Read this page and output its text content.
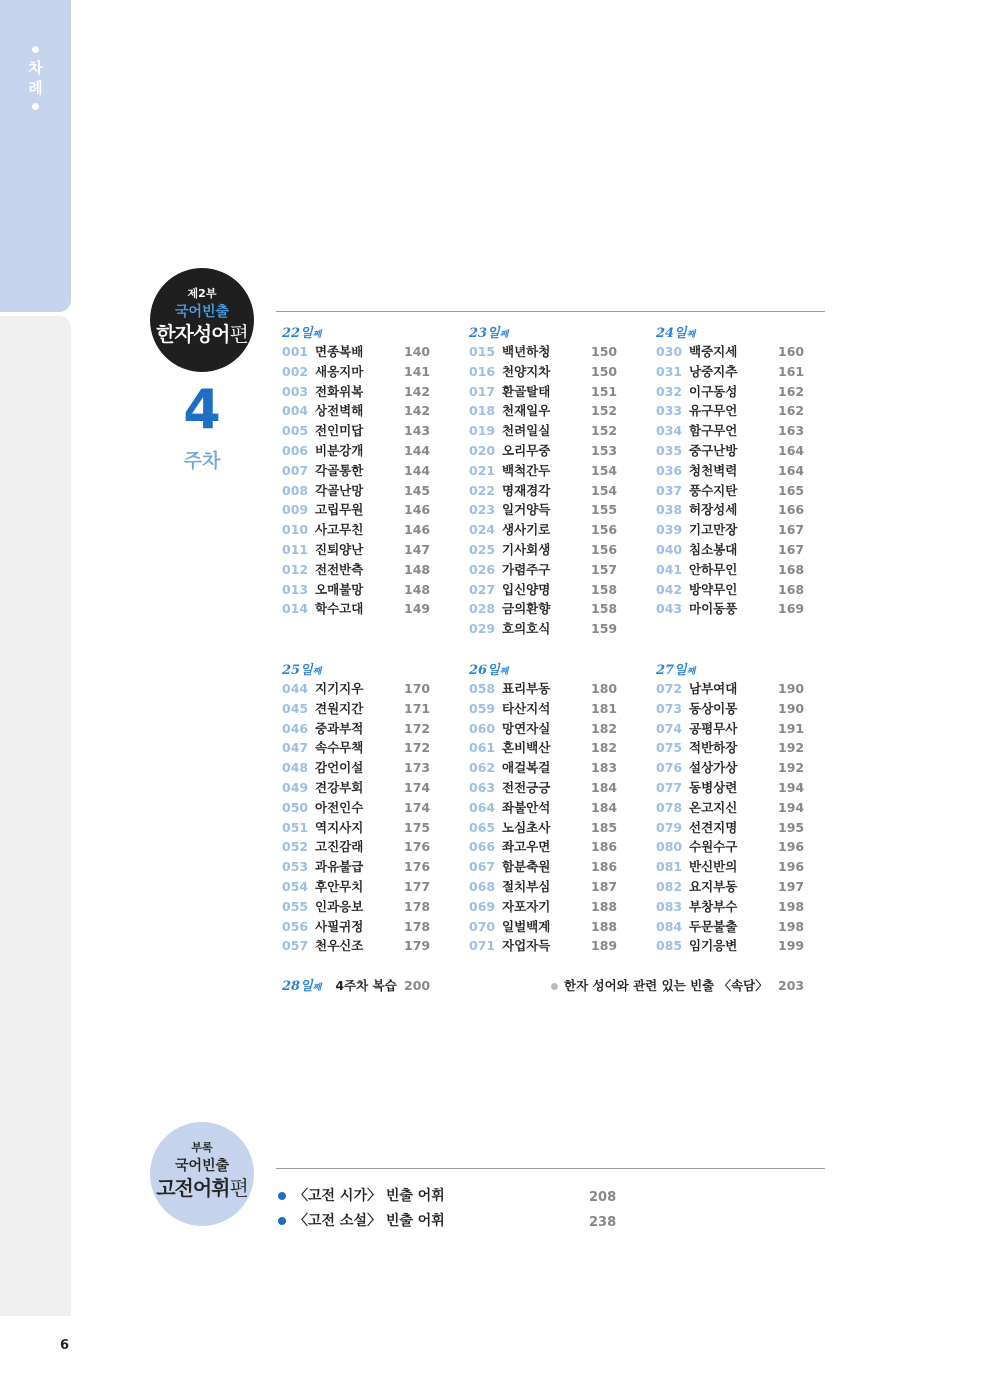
차
례
6
제2부
국어빈출
한자성어편
4
주차
22일째
001 면종복배	140
002 새옹지마	141
003 전화위복	142
004 상전벽해	142
005 전인미답	143
006 비분강개	144
007 각골통한	144
008 각골난망	145
009 고립무원	146
010 사고무친	146
011 진퇴양난	147
012 전전반측	148
013 오매불망	148
014 학수고대	149
23일째
015 백년하청	150
016 천양지차	150
017 환골탈태	151
018 천재일우	152
019 천려일실	152
020 오리무중	153
021 백척간두	154
022 명재경각	154
023 일거양득	155
024 생사기로	156
025 기사회생	156
026 가렴주구	157
027 입신양명	158
028 금의환향	158
029 호의호식	159
24일째
030 백중지세	160
031 낭중지추	161
032 이구동성	162
033 유구무언	162
034 함구무언	163
035 중구난방	164
036 청천벽력	164
037 풍수지탄	165
038 허장성세	166
039 기고만장	167
040 침소봉대	167
041 안하무인	168
042 방약무인	168
043 마이동풍	169
25일째
044 지기지우	170
045 견원지간	171
046 중과부적	172
047 속수무책	172
048 감언이설	173
049 견강부회	174
050 아전인수	174
051 역지사지	175
052 고진감래	176
053 과유불급	176
054 후안무치	177
055 인과응보	178
056 사필귀정	178
057 천우신조	179
26일째
058 표리부동	180
059 타산지석	181
060 망연자실	182
061 혼비백산	182
062 애걸복걸	183
063 전전긍긍	184
064 좌불안석	184
065 노심초사	185
066 좌고우면	186
067 함분축원	186
068 절치부심	187
069 자포자기	188
070 일벌백계	188
071 자업자득	189
27일째
072 남부여대	190
073 동상이몽	190
074 공평무사	191
075 적반하장	192
076 설상가상	192
077 동병상련	194
078 온고지신	194
079 선견지명	195
080 수원수구	196
081 반신반의	196
082 요지부동	197
083 부창부수	198
084 두문불출	198
085 임기응변	199
28일째 4주차 복습 200	한자 성어와 관련 있는 빈출 〈속담〉 203
부록
국어빈출
고전어휘편	〈고전 시가〉 빈출 어휘	208
〈고전 소설〉 빈출 어휘	238
